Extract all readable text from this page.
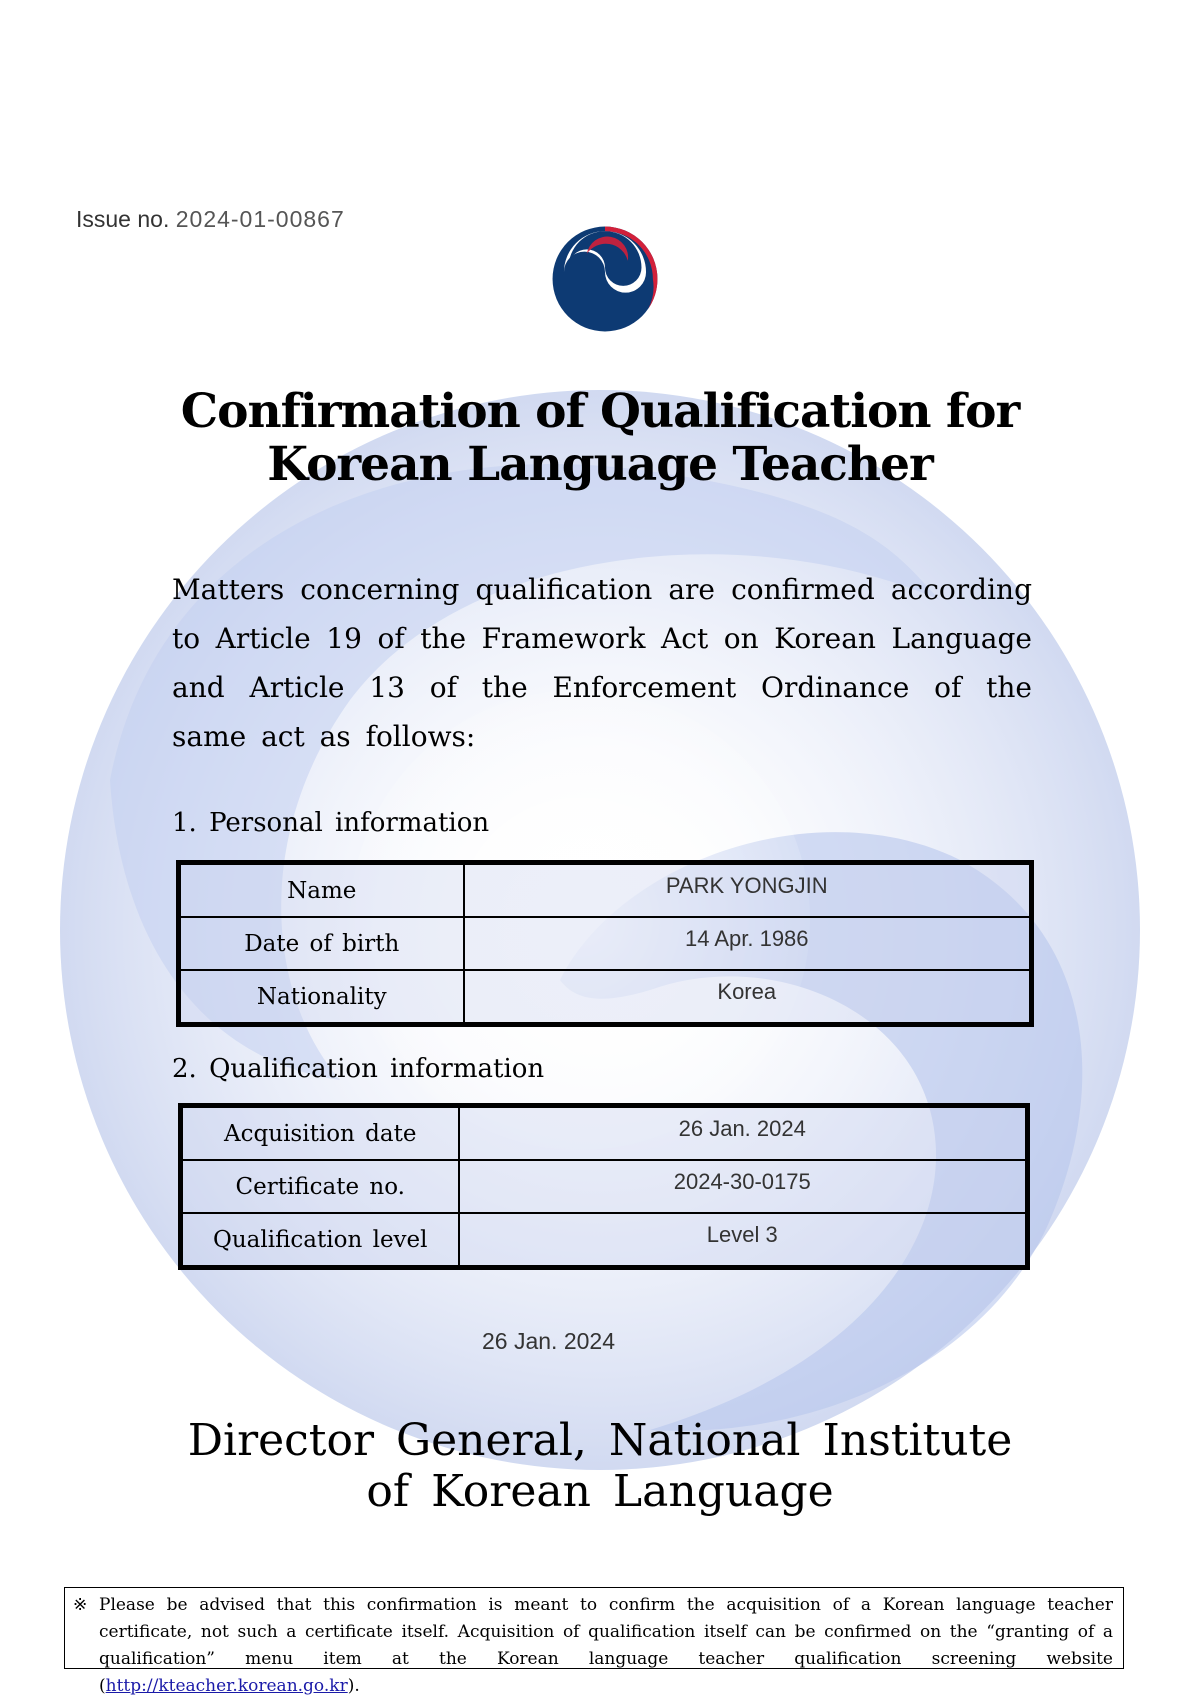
Issue no. 2024-01-00867
Confirmation of Qualification for
Korean Language Teacher
Matters concerning qualification are confirmed according to Article 19 of the Framework Act on Korean Language and Article 13 of the Enforcement Ordinance of the same act as follows:
1. Personal information
Name	PARK YONGJIN
Date of birth	14 Apr. 1986
Nationality	Korea
2. Qualification information
Acquisition date	26 Jan. 2024
Certificate no.	2024-30-0175
Qualification level	Level 3
26 Jan. 2024
Director General, National Institute
of Korean Language
※ Please be advised that this confirmation is meant to confirm the acquisition of a Korean language teacher certificate, not such a certificate itself. Acquisition of qualification itself can be confirmed on the “granting of a qualification” menu item at the Korean language teacher qualification screening website (http://kteacher.korean.go.kr).
